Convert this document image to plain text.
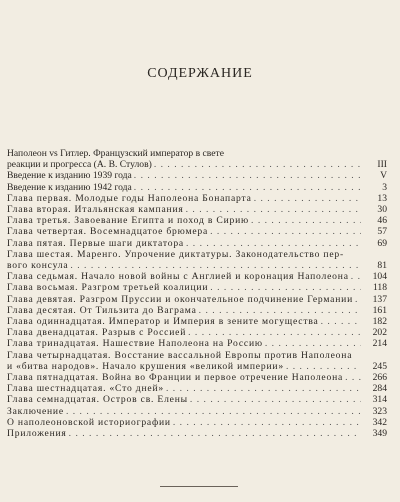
СОДЕРЖАНИЕ
Наполеон vs Гитлер. Французский император в свете
реакции и прогресса (А. В. Стулов) . . .	III
Введение к изданию 1939 года . . .	V
Введение к изданию 1942 года . . .	3
Глава первая. Молодые годы Наполеона Бонапарта . . .	13
Глава вторая. Итальянская кампания . . .	30
Глава третья. Завоевание Египта и поход в Сирию . . .	46
Глава четвертая. Восемнадцатое брюмера . . .	57
Глава пятая. Первые шаги диктатора . . .	69
Глава шестая. Маренго. Упрочение диктатуры. Законодательство пер-
вого консула . . .	81
Глава седьмая. Начало новой войны с Англией и коронация Наполеона . . .	104
Глава восьмая. Разгром третьей коалиции . . .	118
Глава девятая. Разгром Пруссии и окончательное подчинение Германии . . .	137
Глава десятая. От Тильзита до Ваграма . . .	161
Глава одиннадцатая. Император и Империя в зените могущества . . .	182
Глава двенадцатая. Разрыв с Россией . . .	202
Глава тринадцатая. Нашествие Наполеона на Россию . . .	214
Глава четырнадцатая. Восстание вассальной Европы против Наполеона
и «битва народов». Начало крушения «великой империи» . . .	245
Глава пятнадцатая. Война во Франции и первое отречение Наполеона . . .	266
Глава шестнадцатая. «Сто дней» . . .	284
Глава семнадцатая. Остров св. Елены . . .	314
Заключение . . .	323
О наполеоновской историографии . . .	342
Приложения . . .	349
